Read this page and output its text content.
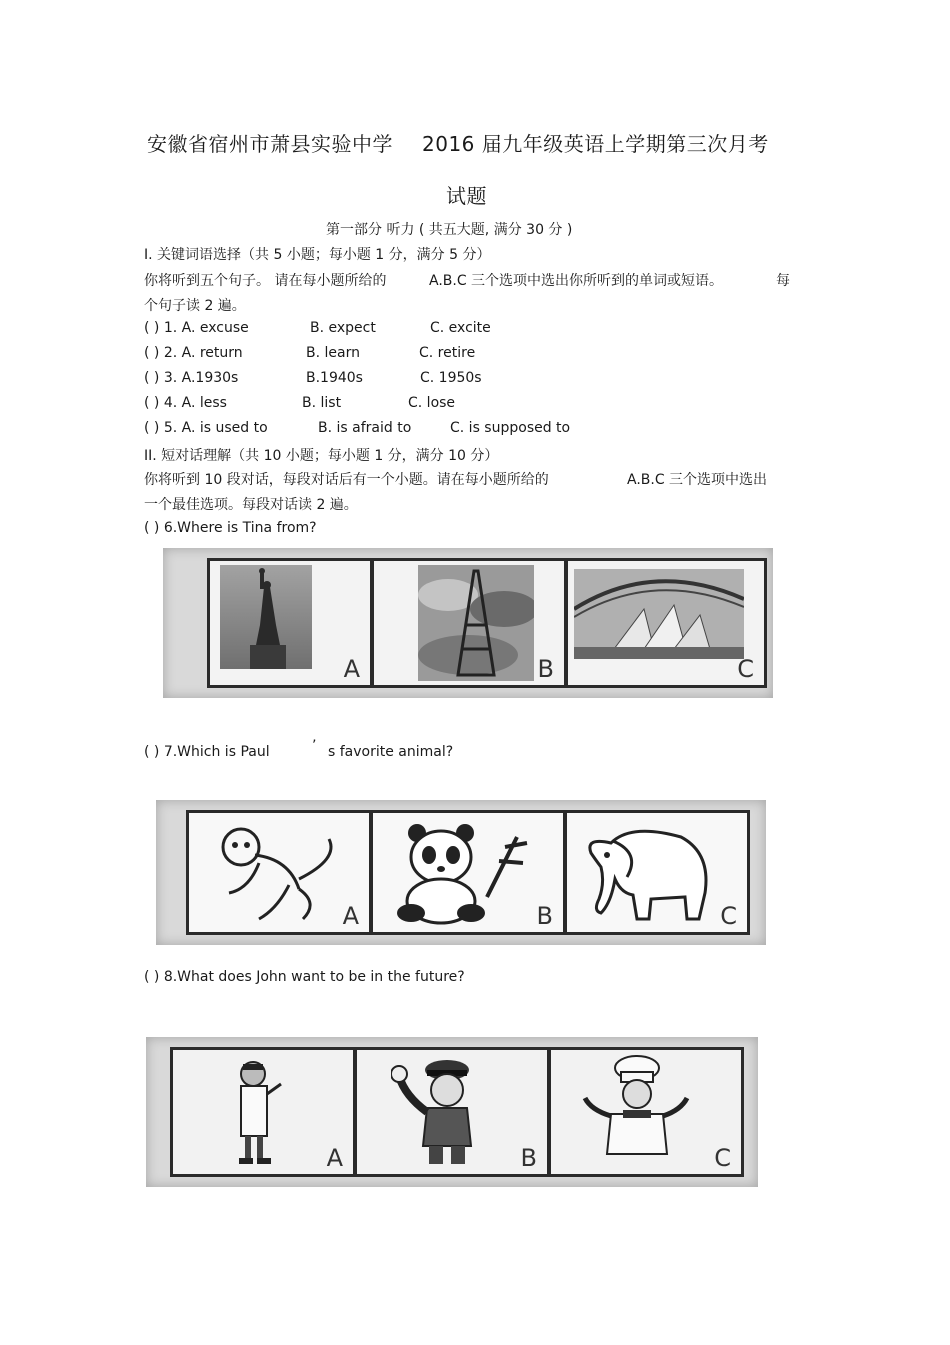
安徽省宿州市萧县实验中学 2016 届九年级英语上学期第三次月考
试题
第一部分 听力 ( 共五大题, 满分 30 分 )
I. 关键词语选择（共 5 小题；每小题 1 分，满分 5 分）
你将听到五个句子。 请在每小题所给的	A.B.C 三个选项中选出你所听到的单词或短语。	每
个句子读 2 遍。
( ) 1. A. excuse	B. expect	C. excite
( ) 2. A. return	B. learn	C. retire
( ) 3. A.1930s	B.1940s	C. 1950s
( ) 4. A. less	B. list	C. lose
( ) 5. A. is used to	B. is afraid to	C. is supposed to
II. 短对话理解（共 10 小题；每小题 1 分，满分 10 分）
你将听到 10 段对话，每段对话后有一个小题。请在每小题所给的	A.B.C 三个选项中选出
一个最佳选项。每段对话读 2 遍。
( ) 6.Where is Tina from?
A	B	C
( ) 7.Which is Paul	’ s favorite animal?
A	B	C
( ) 8.What does John want to be in the future?
A	B	C
